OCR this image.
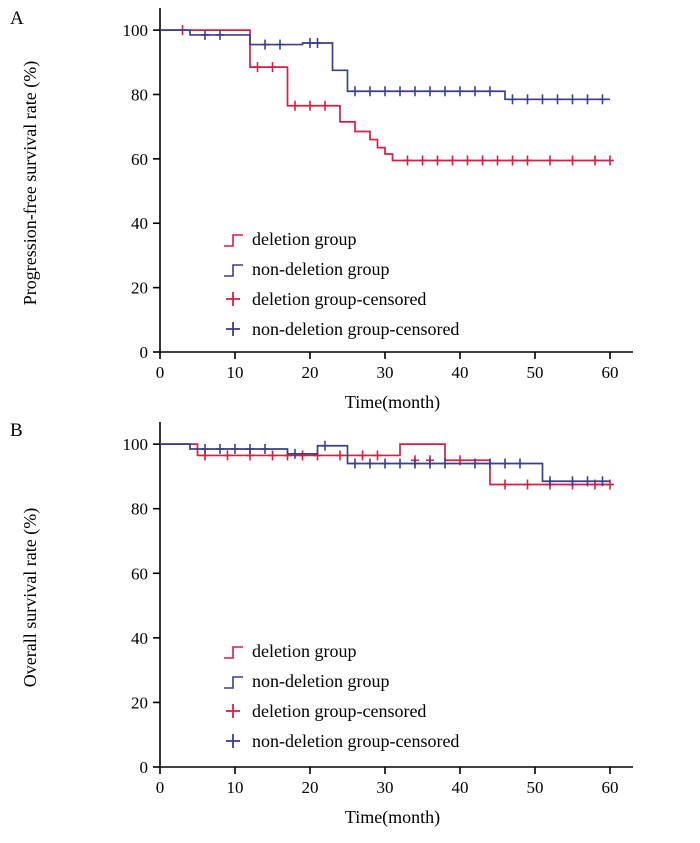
A
0
20
40
60
80
100
0	10	20	30	40	50	60
Progression-free survival rate (%)
Time(month)
deletion group
non-deletion group
deletion group-censored
non-deletion group-censored
B
0
20
40
60
80
100
0	10	20	30	40	50	60
Overall survival rate (%)
Time(month)
deletion group
non-deletion group
deletion group-censored
non-deletion group-censored
